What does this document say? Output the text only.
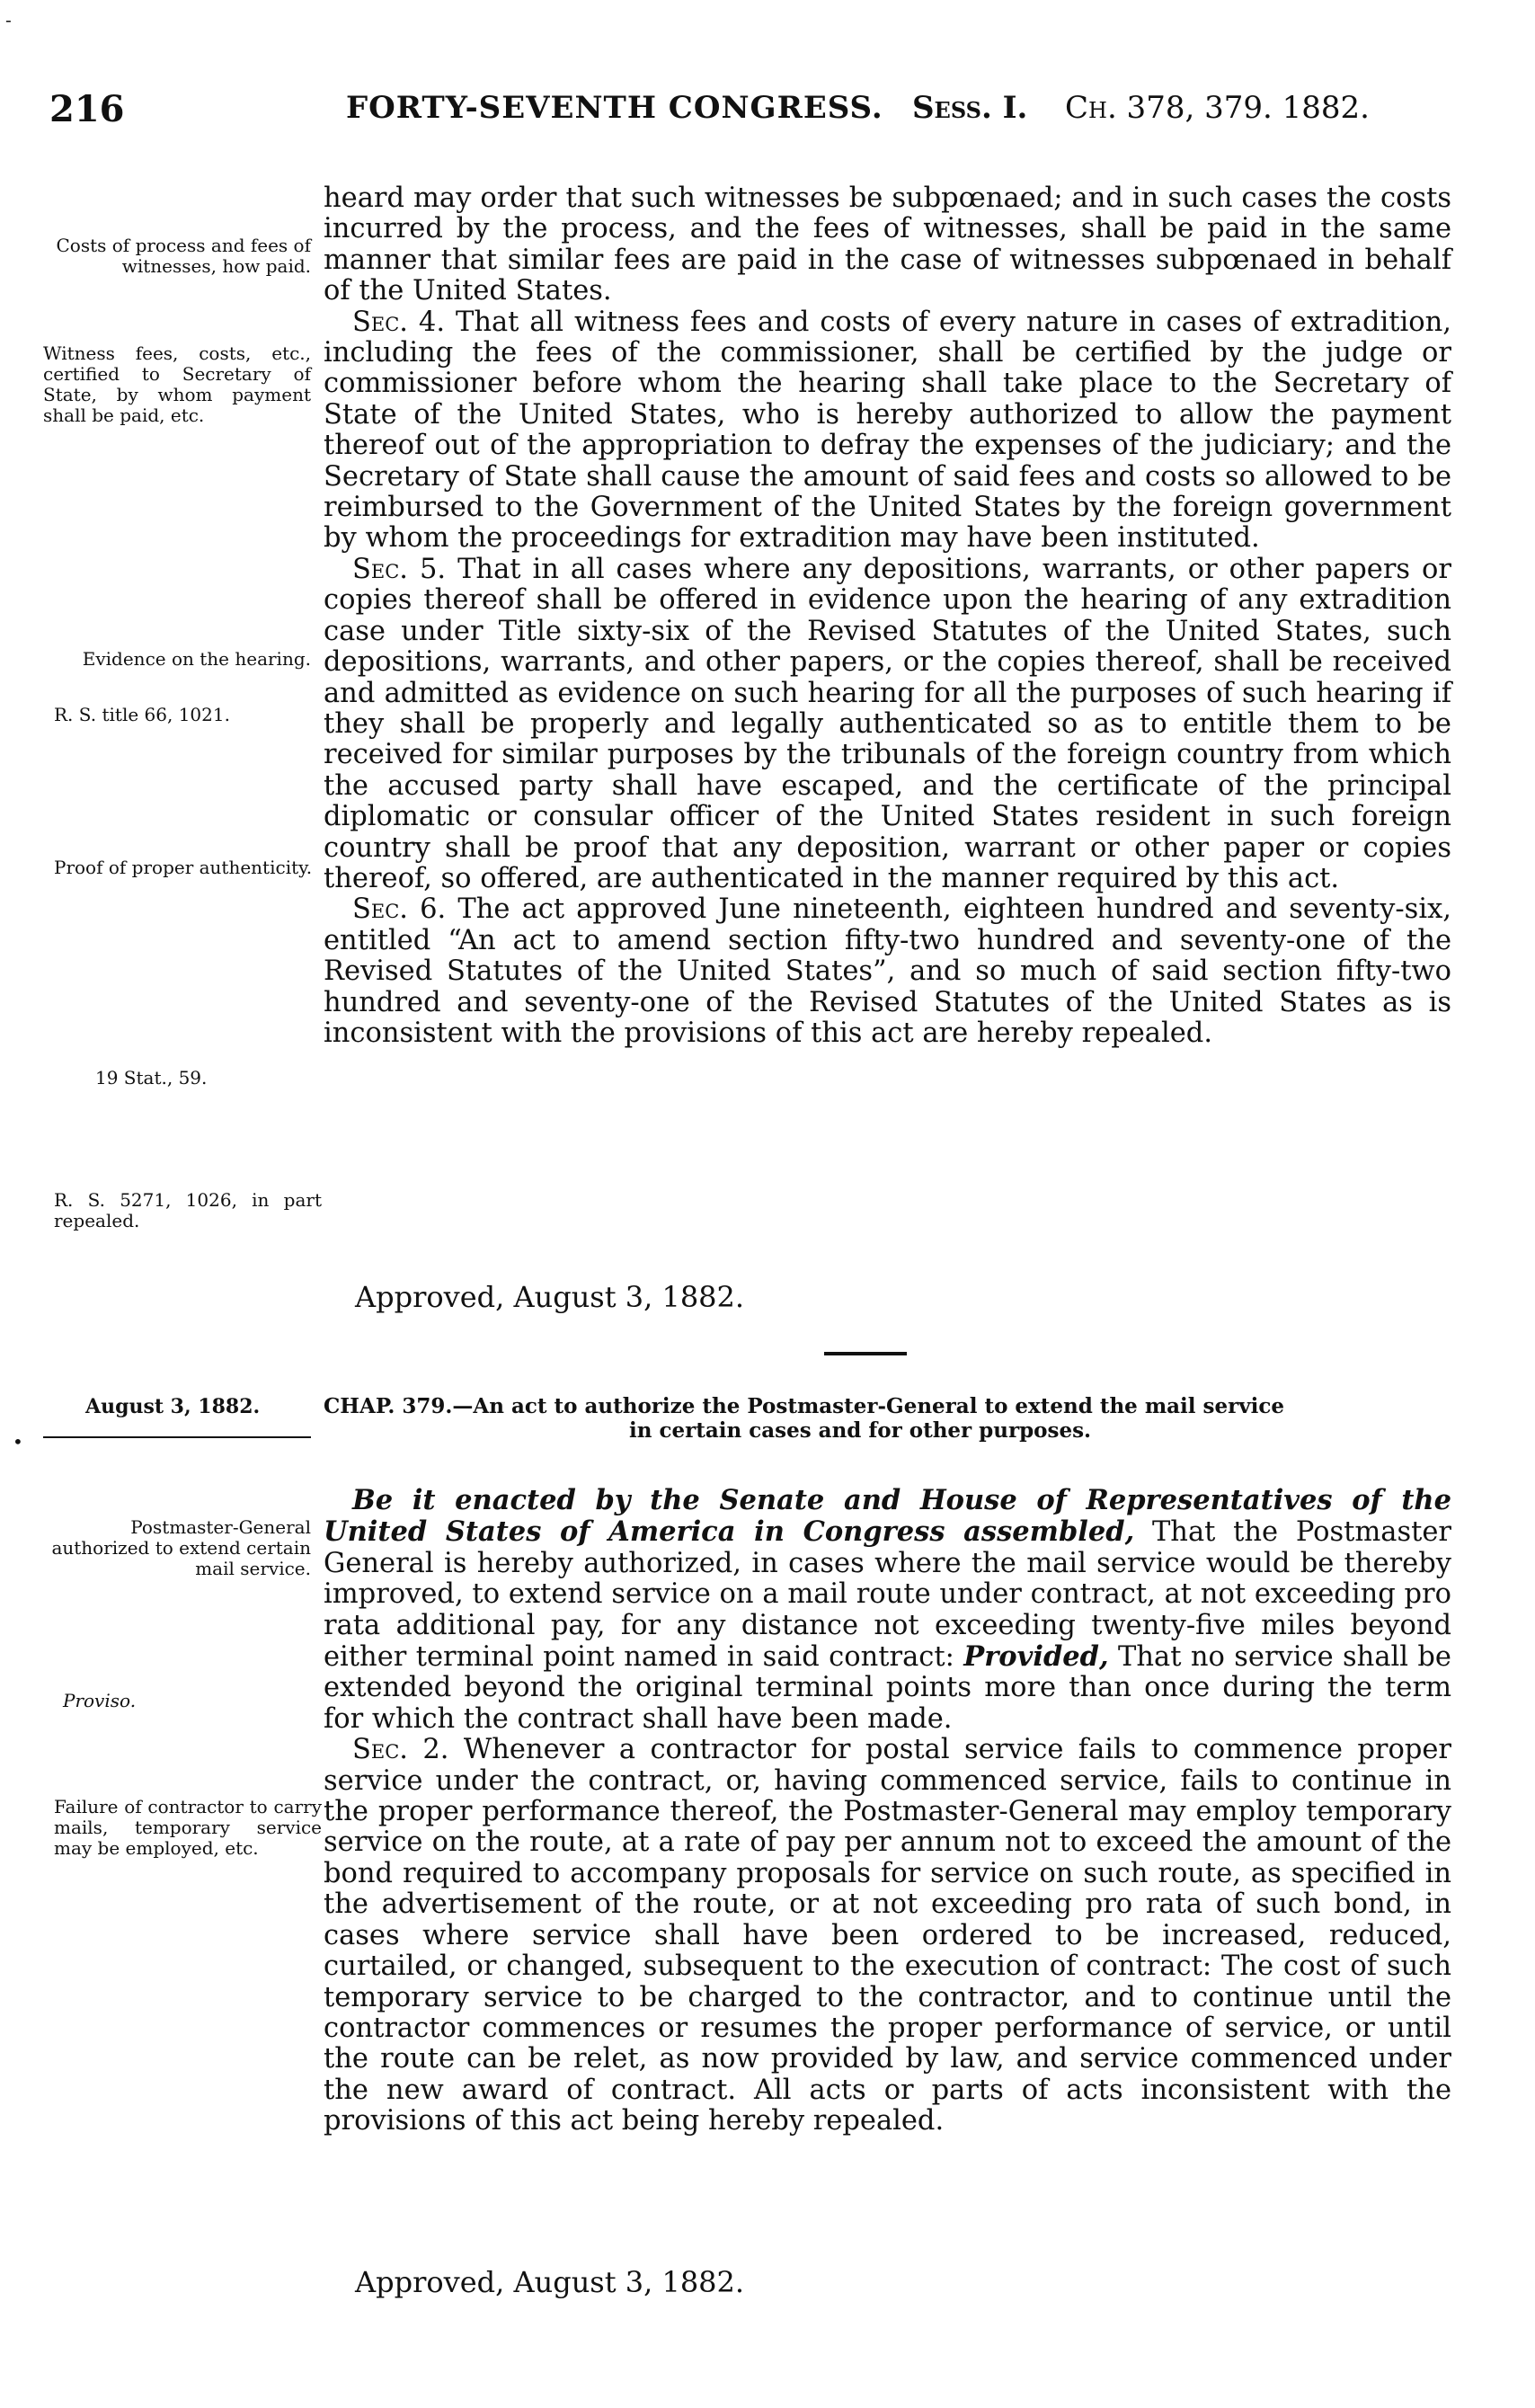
216	FORTY-SEVENTH CONGRESS. Sess. I. Ch. 378, 379. 1882.
Costs of process and fees of witnesses, how paid.
Witness fees, costs, etc., certified to Secretary of State, by whom payment shall be paid, etc.
Evidence on the hearing.
R. S. title 66, 1021.
Proof of proper authenticity.
19 Stat., 59.
R. S. 5271, 1026, in part repealed.

heard may order that such witnesses be subpœnaed; and in such cases the costs incurred by the process, and the fees of witnesses, shall be paid in the same manner that similar fees are paid in the case of witnesses subpœnaed in behalf of the United States.

Sec. 4. That all witness fees and costs of every nature in cases of extradition, including the fees of the commissioner, shall be certified by the judge or commissioner before whom the hearing shall take place to the Secretary of State of the United States, who is hereby authorized to allow the payment thereof out of the appropriation to defray the expenses of the judiciary; and the Secretary of State shall cause the amount of said fees and costs so allowed to be reimbursed to the Government of the United States by the foreign government by whom the proceedings for extradition may have been instituted.

Sec. 5. That in all cases where any depositions, warrants, or other papers or copies thereof shall be offered in evidence upon the hearing of any extradition case under Title sixty-six of the Revised Statutes of the United States, such depositions, warrants, and other papers, or the copies thereof, shall be received and admitted as evidence on such hearing for all the purposes of such hearing if they shall be properly and legally authenticated so as to entitle them to be received for similar purposes by the tribunals of the foreign country from which the accused party shall have escaped, and the certificate of the principal diplomatic or consular officer of the United States resident in such foreign country shall be proof that any deposition, warrant or other paper or copies thereof, so offered, are authenticated in the manner required by this act.

Sec. 6. The act approved June nineteenth, eighteen hundred and seventy-six, entitled “An act to amend section fifty-two hundred and seventy-one of the Revised Statutes of the United States”, and so much of said section fifty-two hundred and seventy-one of the Revised Statutes of the United States as is inconsistent with the provisions of this act are hereby repealed.

Approved, August 3, 1882.
August 3, 1882.	CHAP. 379.—An act to authorize the Postmaster-General to extend the mail service
in certain cases and for other purposes.
Postmaster-General authorized to extend certain mail service.
Proviso.
Failure of contractor to carry mails, temporary service may be employed, etc.

Be it enacted by the Senate and House of Representatives of the United States of America in Congress assembled, That the Postmaster General is hereby authorized, in cases where the mail service would be thereby improved, to extend service on a mail route under contract, at not exceeding pro rata additional pay, for any distance not exceeding twenty-five miles beyond either terminal point named in said contract: Provided, That no service shall be extended beyond the original terminal points more than once during the term for which the contract shall have been made.

Sec. 2. Whenever a contractor for postal service fails to commence proper service under the contract, or, having commenced service, fails to continue in the proper performance thereof, the Postmaster-General may employ temporary service on the route, at a rate of pay per annum not to exceed the amount of the bond required to accompany proposals for service on such route, as specified in the advertisement of the route, or at not exceeding pro rata of such bond, in cases where service shall have been ordered to be increased, reduced, curtailed, or changed, subsequent to the execution of contract: The cost of such temporary service to be charged to the contractor, and to continue until the contractor commences or resumes the proper performance of service, or until the route can be relet, as now provided by law, and service commenced under the new award of contract. All acts or parts of acts inconsistent with the provisions of this act being hereby repealed.

Approved, August 3, 1882.
-
•
